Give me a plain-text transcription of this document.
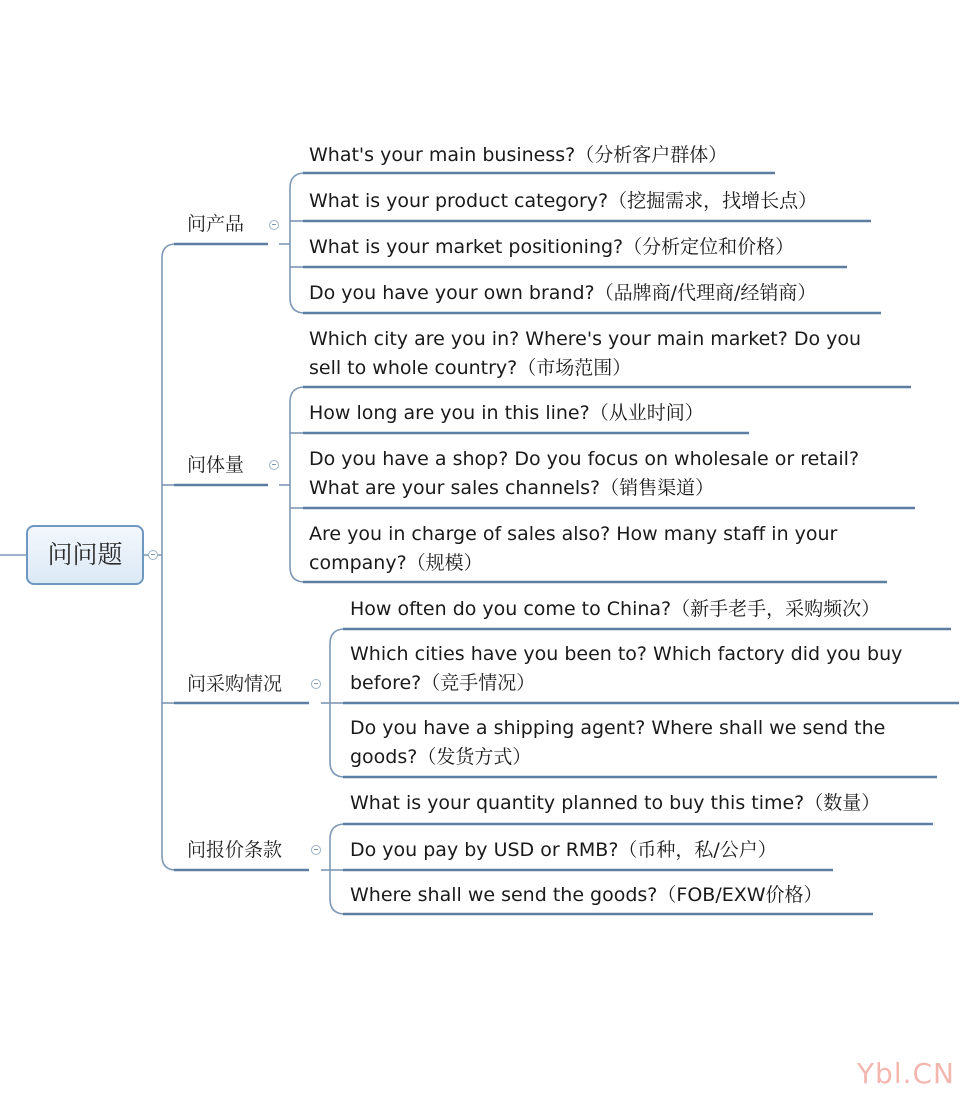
问问题
问产品
What's your main business?（分析客户群体）
What is your product category?（挖掘需求，找增长点）
What is your market positioning?（分析定位和价格）
Do you have your own brand?（品牌商/代理商/经销商）
问体量
Which city are you in? Where's your main market? Do you
sell to whole country?（市场范围）
How long are you in this line?（从业时间）
Do you have a shop? Do you focus on wholesale or retail?
What are your sales channels?（销售渠道）
Are you in charge of sales also? How many staff in your
company?（规模）
问采购情况
How often do you come to China?（新手老手，采购频次）
Which cities have you been to? Which factory did you buy
before?（竞手情况）
Do you have a shipping agent? Where shall we send the
goods?（发货方式）
问报价条款
What is your quantity planned to buy this time?（数量）
Do you pay by USD or RMB?（币种，私/公户）
Where shall we send the goods?（FOB/EXW价格）
Ybl.CN
